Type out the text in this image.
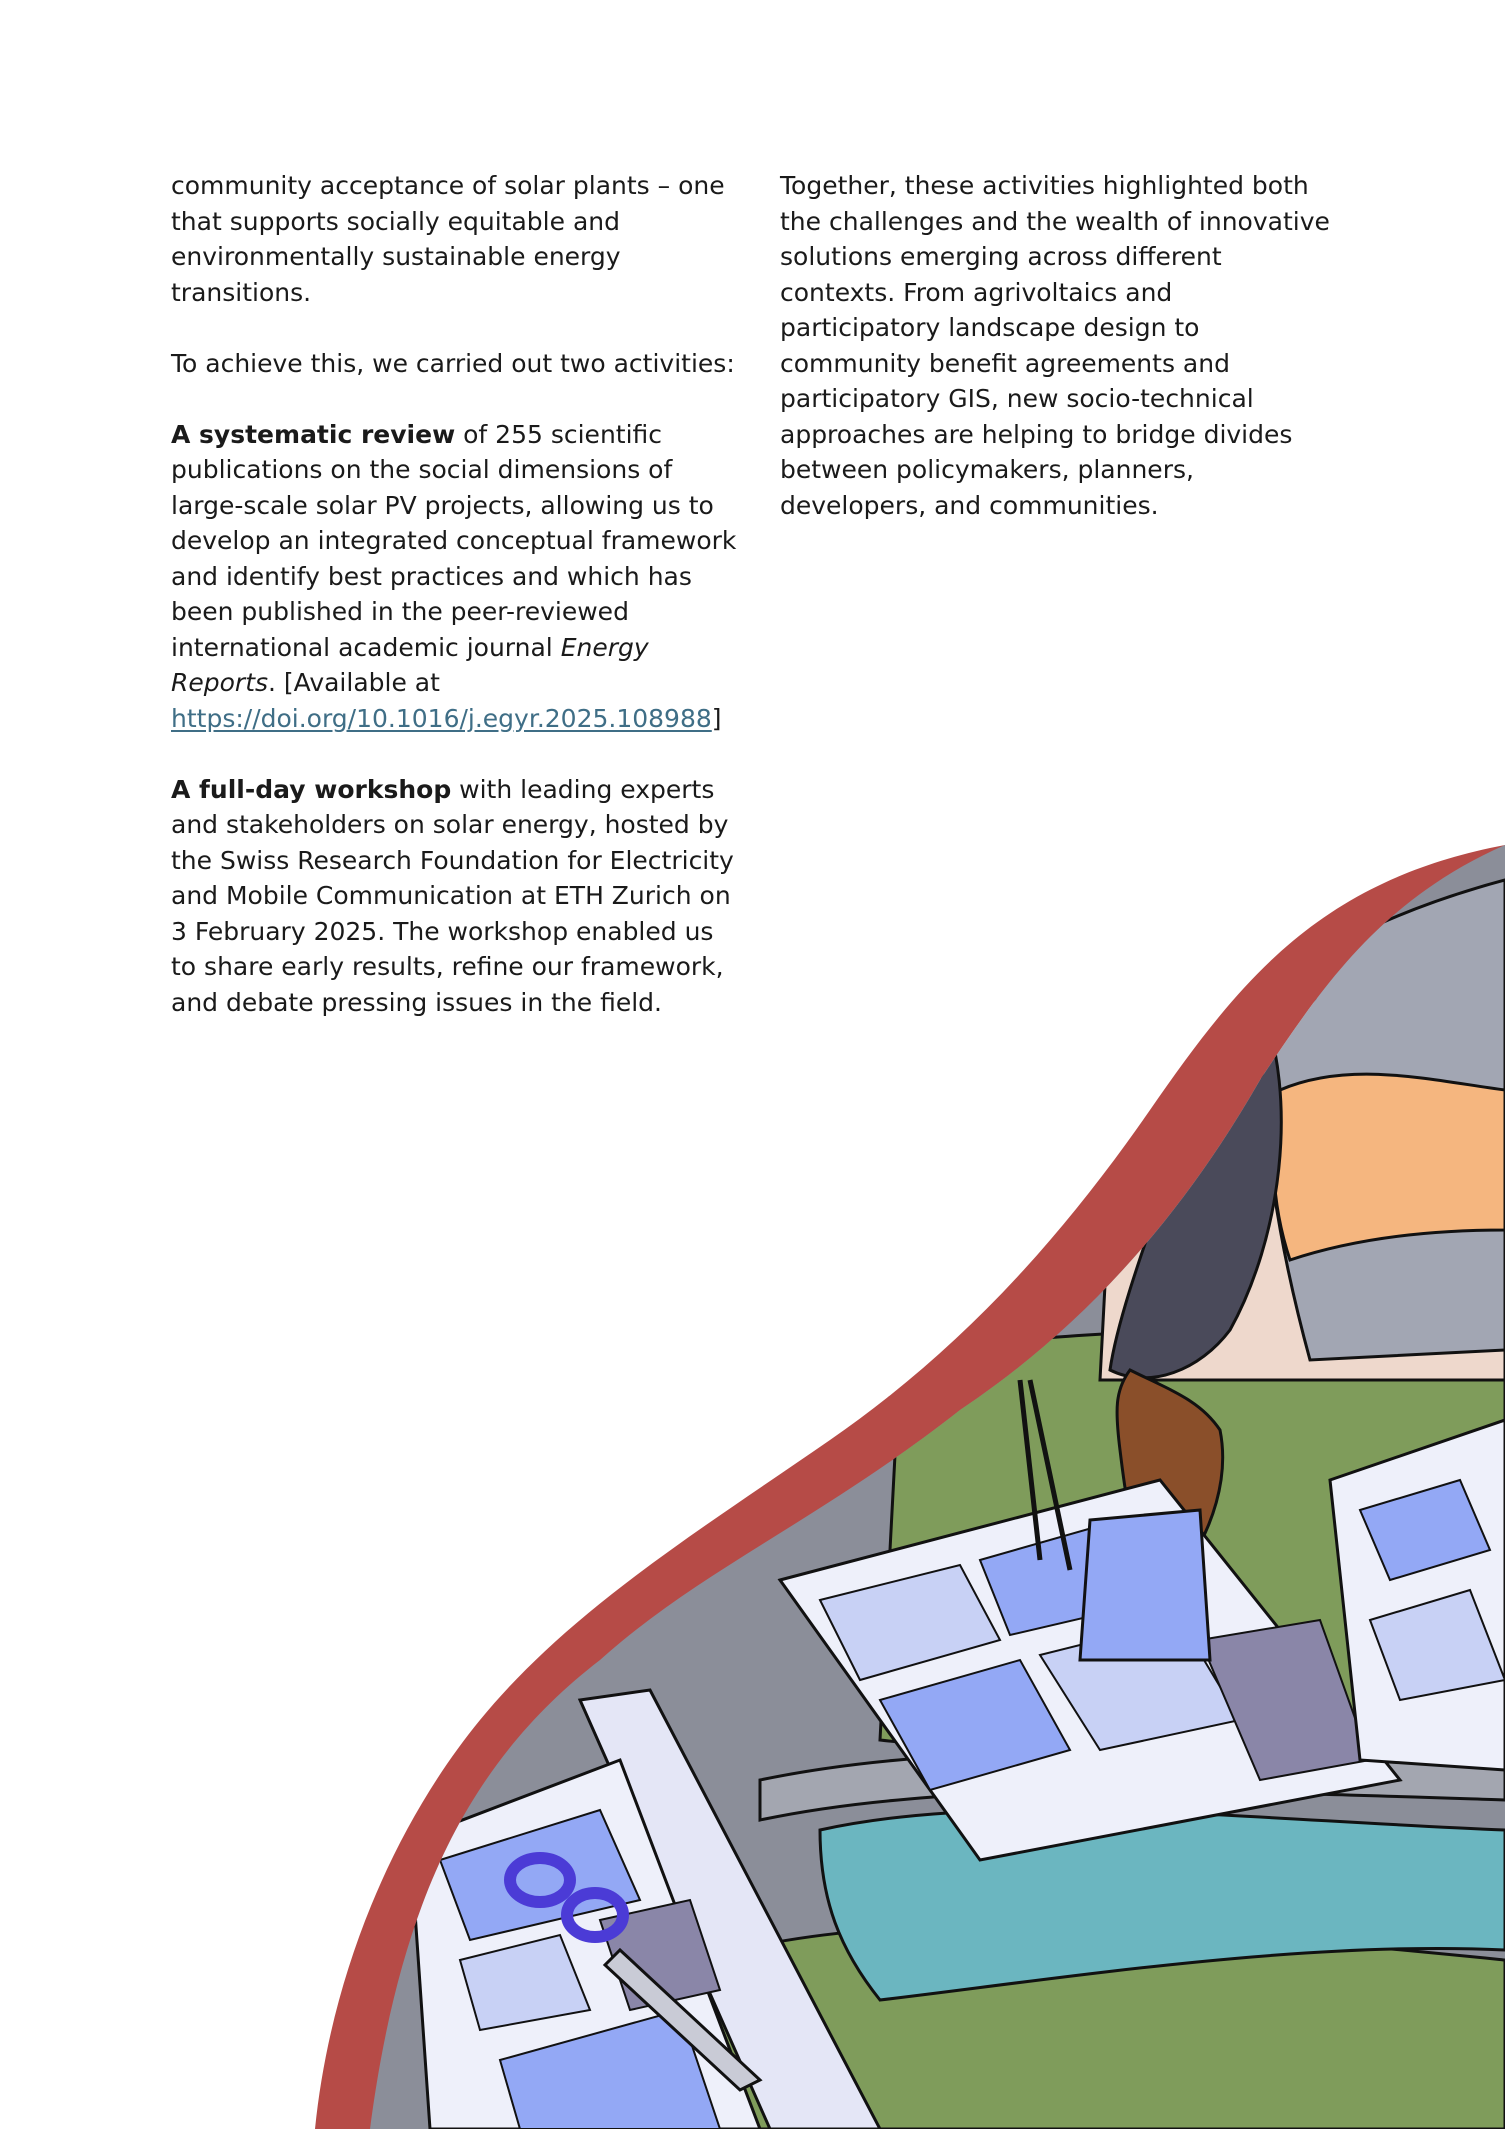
community acceptance of solar plants – one that supports socially equitable and environmentally sustainable energy transitions.

To achieve this, we carried out two activities:

A systematic review of 255 scientific publications on the social dimensions of large-scale solar PV projects, allowing us to develop an integrated conceptual framework and identify best practices and which has been published in the peer-reviewed international academic journal Energy Reports. [Available at https://doi.org/10.1016/j.egyr.2025.108988]

A full-day workshop with leading experts and stakeholders on solar energy, hosted by the Swiss Research Foundation for Electricity and Mobile Communication at ETH Zurich on 3 February 2025. The workshop enabled us to share early results, refine our framework, and debate pressing issues in the field.

Together, these activities highlighted both the challenges and the wealth of innovative solutions emerging across different contexts. From agrivoltaics and participatory landscape design to community benefit agreements and participatory GIS, new socio-technical approaches are helping to bridge divides between policymakers, planners, developers, and communities.
